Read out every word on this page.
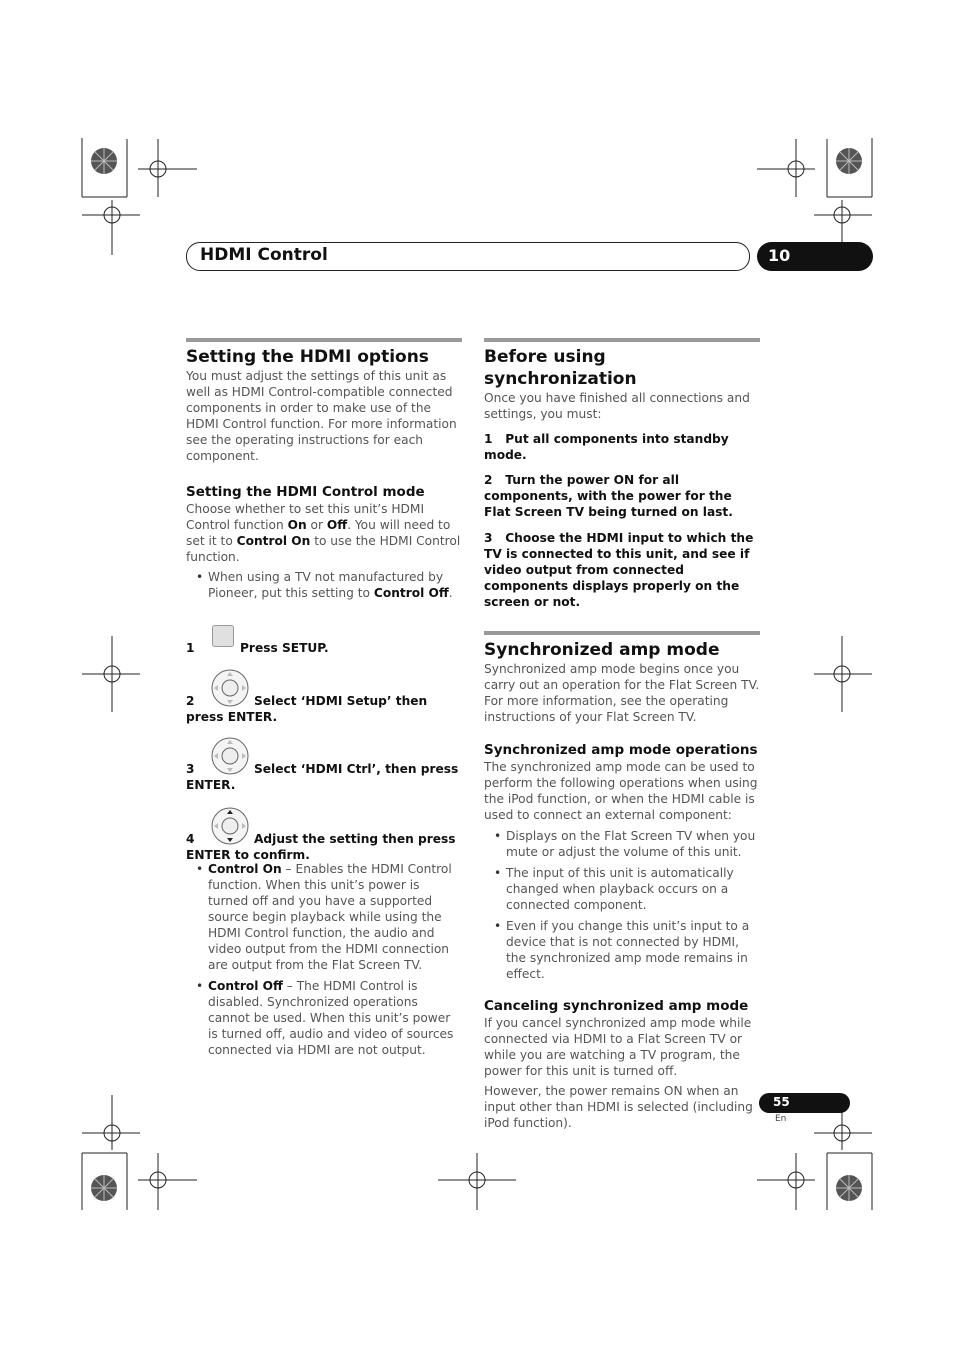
HDMI Control	10
Setting the HDMI options

You must adjust the settings of this unit as well as HDMI Control-compatible connected components in order to make use of the HDMI Control function. For more information see the operating instructions for each component.

Setting the HDMI Control mode

Choose whether to set this unit’s HDMI Control function On or Off. You will need to set it to Control On to use the HDMI Control function.

• When using a TV not manufactured by Pioneer, put this setting to Control Off.
1	Press SETUP.
2	Select ‘HDMI Setup’ then press ENTER.
3	Select ‘HDMI Ctrl’, then press ENTER.
4	Adjust the setting then press ENTER to confirm.
• Control On – Enables the HDMI Control function. When this unit’s power is turned off and you have a supported source begin playback while using the HDMI Control function, the audio and video output from the HDMI connection are output from the Flat Screen TV.
• Control Off – The HDMI Control is disabled. Synchronized operations cannot be used. When this unit’s power is turned off, audio and video of sources connected via HDMI are not output.
Before using synchronization

Once you have finished all connections and settings, you must:

1 Put all components into standby mode.

2 Turn the power ON for all components, with the power for the Flat Screen TV being turned on last.

3 Choose the HDMI input to which the TV is connected to this unit, and see if video output from connected components displays properly on the screen or not.

Synchronized amp mode

Synchronized amp mode begins once you carry out an operation for the Flat Screen TV. For more information, see the operating instructions of your Flat Screen TV.

Synchronized amp mode operations

The synchronized amp mode can be used to perform the following operations when using the iPod function, or when the HDMI cable is used to connect an external component:

• Displays on the Flat Screen TV when you mute or adjust the volume of this unit.
• The input of this unit is automatically changed when playback occurs on a connected component.
• Even if you change this unit’s input to a device that is not connected by HDMI, the synchronized amp mode remains in effect.
Canceling synchronized amp mode

If you cancel synchronized amp mode while connected via HDMI to a Flat Screen TV or while you are watching a TV program, the power for this unit is turned off.

However, the power remains ON when an input other than HDMI is selected (including iPod function).

55
En
